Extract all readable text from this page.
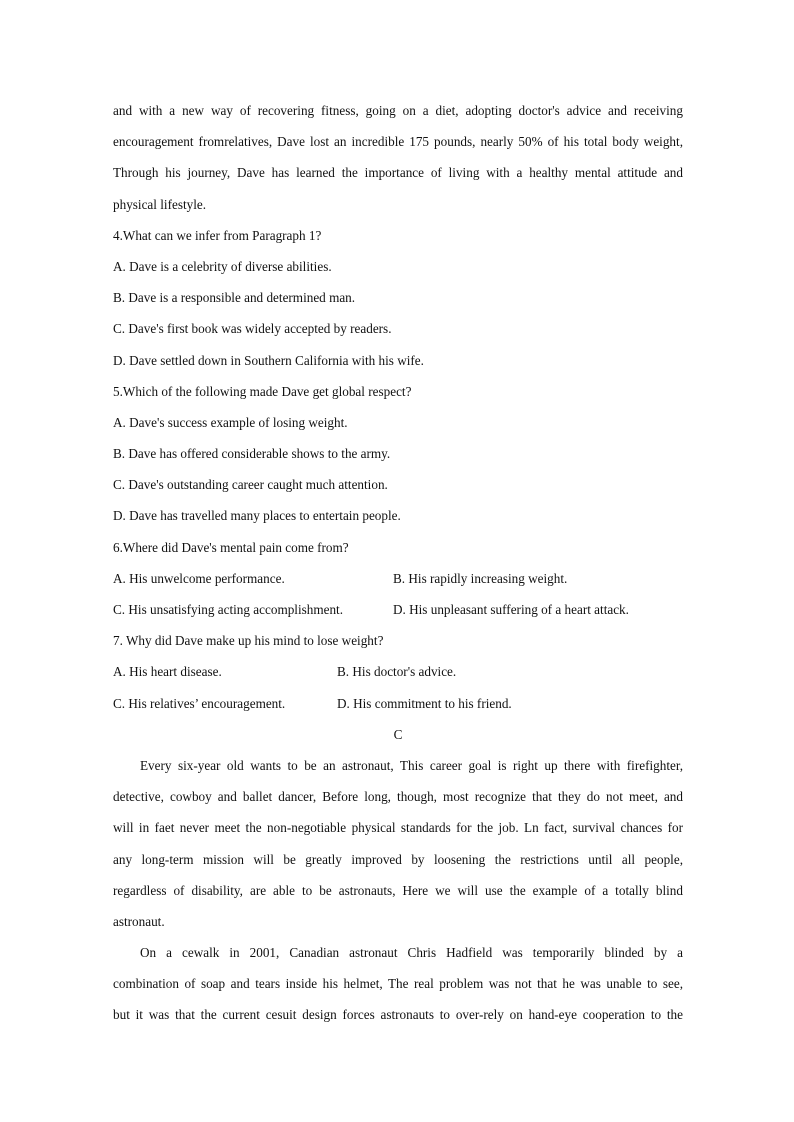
and with a new way of recovering fitness, going on a diet, adopting doctor's advice and receiving
encouragement fromrelatives, Dave lost an incredible 175 pounds, nearly 50% of his total body weight,
Through his journey, Dave has learned the importance of living with a healthy mental attitude and
physical lifestyle.
4.What can we infer from Paragraph 1?
A. Dave is a celebrity of diverse abilities.
B. Dave is a responsible and determined man.
C. Dave's first book was widely accepted by readers.
D. Dave settled down in Southern California with his wife.
5.Which of the following made Dave get global respect?
A. Dave's success example of losing weight.
B. Dave has offered considerable shows to the army.
C. Dave's outstanding career caught much attention.
D. Dave has travelled many places to entertain people.
6.Where did Dave's mental pain come from?
A. His unwelcome performance.	B. His rapidly increasing weight.
C. His unsatisfying acting accomplishment.	D. His unpleasant suffering of a heart attack.
7. Why did Dave make up his mind to lose weight?
A. His heart disease.	B. His doctor's advice.
C. His relatives’ encouragement.	D. His commitment to his friend.
C
Every six-year old wants to be an astronaut, This career goal is right up there with firefighter,
detective, cowboy and ballet dancer, Before long, though, most recognize that they do not meet, and
will in faet never meet the non-negotiable physical standards for the job. Ln fact, survival chances for
any long-term mission will be greatly improved by loosening the restrictions until all people,
regardless of disability, are able to be astronauts, Here we will use the example of a totally blind
astronaut.
On a cewalk in 2001, Canadian astronaut Chris Hadfield was temporarily blinded by a
combination of soap and tears inside his helmet, The real problem was not that he was unable to see,
but it was that the current cesuit design forces astronauts to over-rely on hand-eye cooperation to the
